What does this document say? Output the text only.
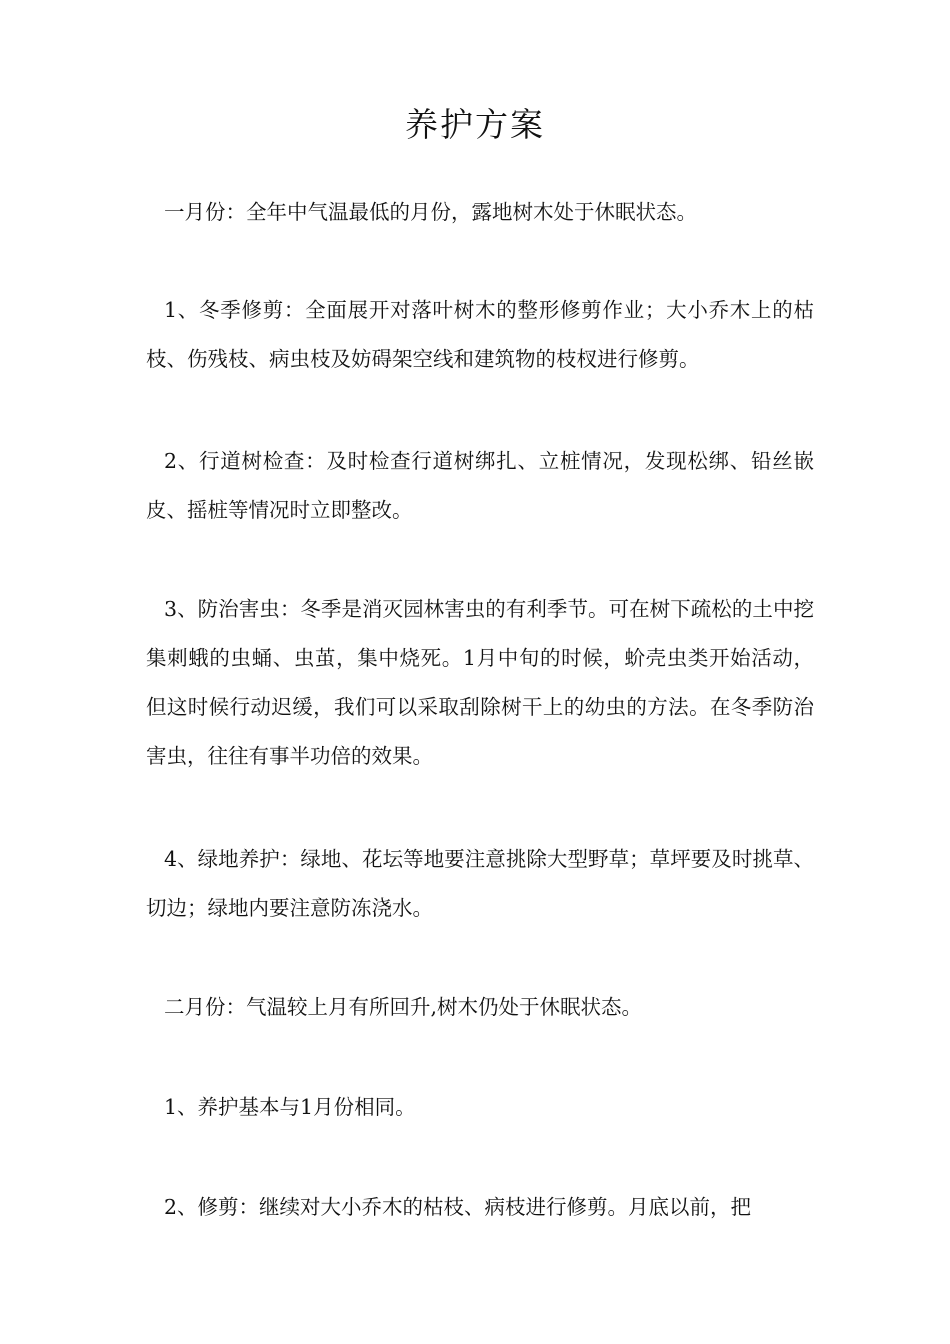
养护方案

一月份：全年中气温最低的月份，露地树木处于休眠状态。

1、冬季修剪：全面展开对落叶树木的整形修剪作业；大小乔木上的枯枝、伤残枝、病虫枝及妨碍架空线和建筑物的枝杈进行修剪。

2、行道树检查：及时检查行道树绑扎、立桩情况，发现松绑、铅丝嵌皮、摇桩等情况时立即整改。

3、防治害虫：冬季是消灭园林害虫的有利季节。可在树下疏松的土中挖集刺蛾的虫蛹、虫茧，集中烧死。1月中旬的时候，蚧壳虫类开始活动，但这时候行动迟缓，我们可以采取刮除树干上的幼虫的方法。在冬季防治害虫，往往有事半功倍的效果。

4、绿地养护：绿地、花坛等地要注意挑除大型野草；草坪要及时挑草、切边；绿地内要注意防冻浇水。

二月份：气温较上月有所回升,树木仍处于休眠状态。

1、养护基本与1月份相同。

2、修剪：继续对大小乔木的枯枝、病枝进行修剪。月底以前，把
